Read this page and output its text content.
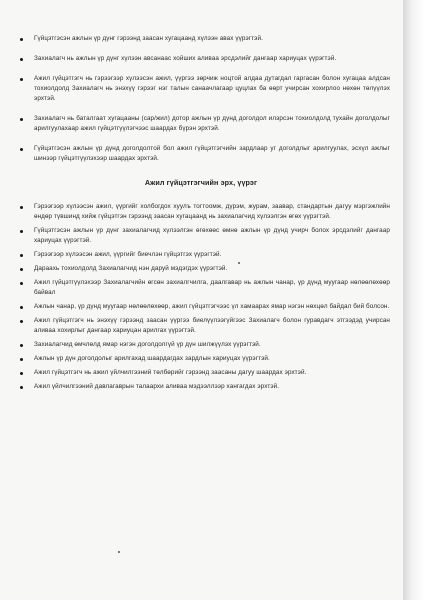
Гүйцэтгэсэн ажлын үр дүнг гэрээнд заасан хугацаанд хүлээн авах үүрэгтэй.
Захиалагч нь ажлын үр дүнг хүлээн авсанаас хойших аливаа эрсдэлийг дангаар хариуцах үүрэгтэй.
Ажил гүйцэтгэгч нь гэрээгээр хүлээсэн ажил, үүргээ зөрчиж ноцтой алдаа дутагдал гаргасан болон хугацаа алдсан тохиолдолд Захиалагч нь энэхүү гэрээг нэг талын санаачлагаар цуцлах ба өөрт учирсан хохирлоо нөхөн төлүүлэх эрхтэй.
Захиалагч нь баталгаат хугацааны (сар/жил) дотор ажлын үр дүнд доголдол илэрсэн тохиолдолд тухайн доголдолыг арилгуулахаар ажил гүйцэтгүүлэгчээс шаардах бүрэн эрхтэй.
Гүйцэтгэсэн ажлын үр дүнд доголдолтой бол ажил гүйцэтгэгчийн зардлаар уг доголдлыг арилгуулах, эсхүл ажлыг шинээр гүйцэтгүүлэхээр шаардах эрхтэй.
Ажил гүйцэтгэгчийн эрх, үүрэг
Гэрээгээр хүлээсэн ажил, үүргийг холбогдох хуулъ тогтоомж, дүрэм, журам, заавар, стандартын дагуу мэргэжлийн өндөр түвшинд хийж гүйцэтгэн гэрээнд заасан хугацаанд нь захиалагчид хүлээлгэн өгөх үүрэгтэй.
Гүйцэтгэсэн ажлын үр дүнг захиалагчид хүлээлгэн өгөхөөс өмнө ажлын үр дүнд учирч болох эрсдэлийг дангаар хариуцах үүрэгтэй.
Гэрээгээр хүлээсэн ажил, үүргийг биечлэн гүйцэтгэх үүрэгтэй.
Дараахь тохиолдолд Захиалагчид нэн даруй мэдэгдэх үүрэгтэй.
Ажил гүйцэтгүүлэхээр Захиалагчийн өгсөн захиалгчилга, даалгавар нь ажлын чанар, үр дүнд муугаар нөлөөлөхөөр байвал
Ажлын чанар, үр дүнд муугаар нөлөөлөхөөр, ажил гүйцэтгэгчээс үл хамаарах ямар нэгэн нөхцөл байдал бий болсон.
Ажил гүйцэтгэгч нь энэхүү гэрээнд заасан үүргээ биелүүлээгүйгээс Захиалагч болон гуравдагч этгээдэд учирсан аливаа хохирлыг дангаар хариуцан арилгах үүрэгтэй.
Захиалагчид өмчлөлд ямар нэгэн доголдолгүй үр дүн шилжүүлэх үүрэгтэй.
Ажлын үр дүн доголдолыг арилгахад шаардагдах зардлын хариуцах үүрэгтэй.
Ажил гүйцэтгэгч нь ажил үйлчилгээний төлбөрийг гэрээнд заасаны дагуу шаардах эрхтэй.
Ажил үйлчилгээний давлагаврын талаархи аливаа мэдээллээр хангагдах эрхтэй.
